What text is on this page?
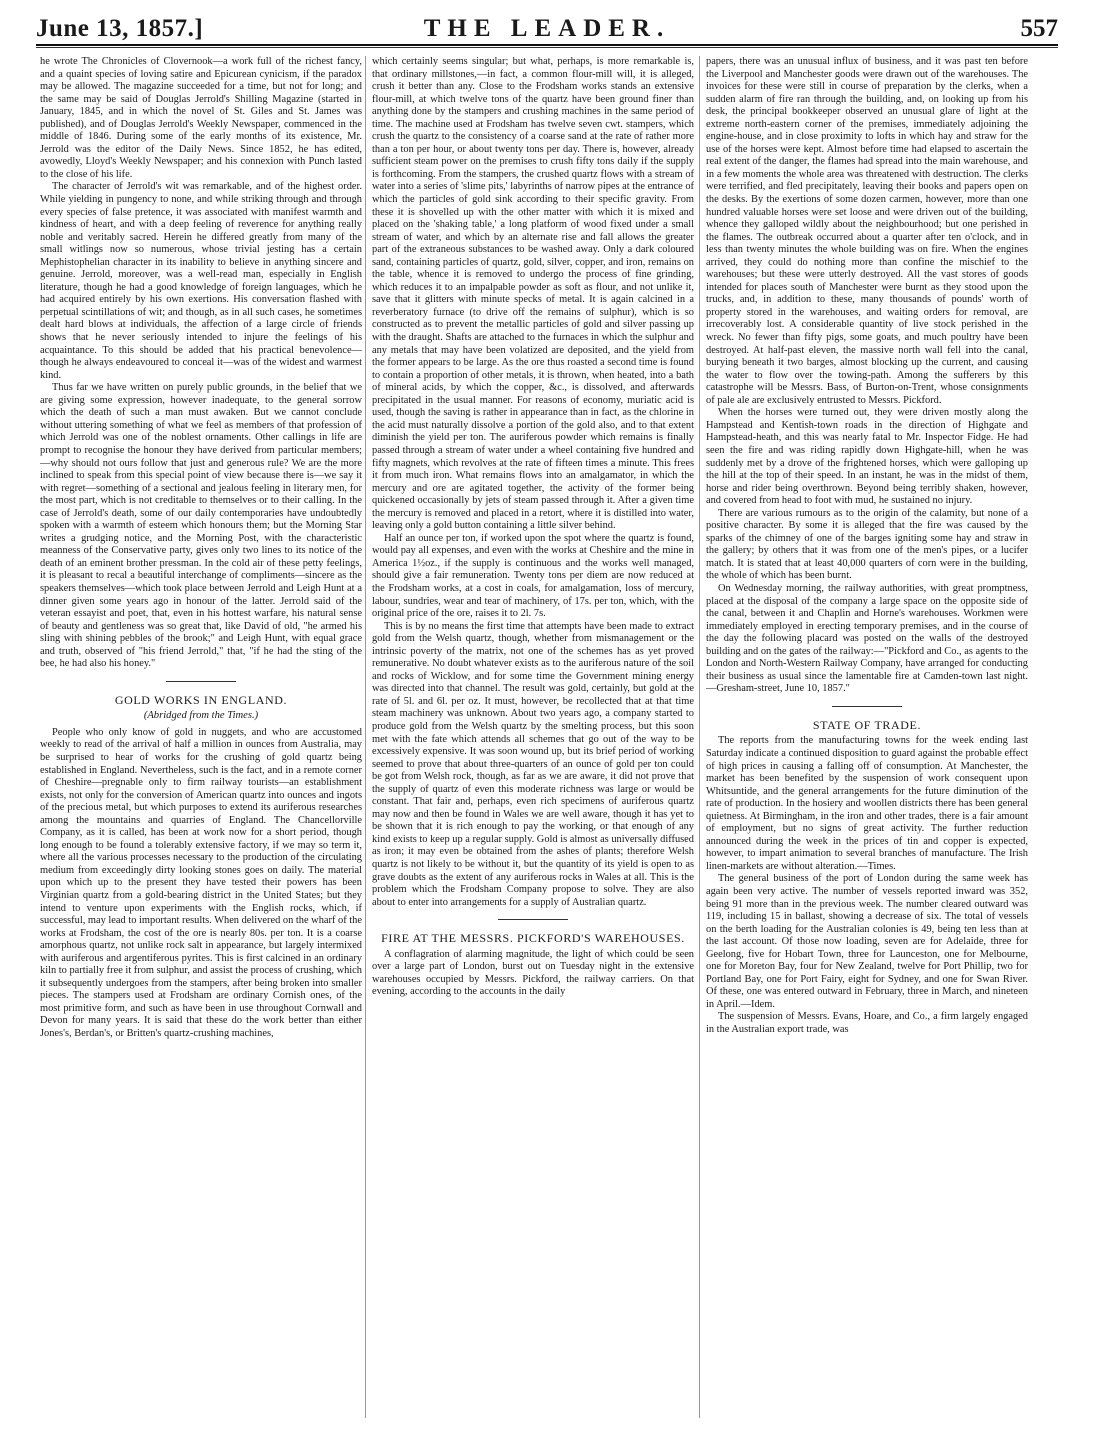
June 13, 1857.]	THE LEADER.	557

he wrote The Chronicles of Clovernook—a work full of the richest fancy, and a quaint species of loving satire and Epicurean cynicism, if the paradox may be allowed. The magazine succeeded for a time, but not for long; and the same may be said of Douglas Jerrold's Shilling Magazine (started in January, 1845, and in which the novel of St. Giles and St. James was published), and of Douglas Jerrold's Weekly Newspaper, commenced in the middle of 1846. During some of the early months of its existence, Mr. Jerrold was the editor of the Daily News. Since 1852, he has edited, avowedly, Lloyd's Weekly Newspaper; and his connexion with Punch lasted to the close of his life.

The character of Jerrold's wit was remarkable, and of the highest order. While yielding in pungency to none, and while striking through and through every species of false pretence, it was associated with manifest warmth and kindness of heart, and with a deep feeling of reverence for anything really noble and veritably sacred. Herein he differed greatly from many of the small witlings now so numerous, whose trivial jesting has a certain Mephistophelian character in its inability to believe in anything sincere and genuine. Jerrold, moreover, was a well-read man, especially in English literature, though he had a good knowledge of foreign languages, which he had acquired entirely by his own exertions. His conversation flashed with perpetual scintillations of wit; and though, as in all such cases, he sometimes dealt hard blows at individuals, the affection of a large circle of friends shows that he never seriously intended to injure the feelings of his acquaintance. To this should be added that his practical benevolence—though he always endeavoured to conceal it—was of the widest and warmest kind.

Thus far we have written on purely public grounds, in the belief that we are giving some expression, however inadequate, to the general sorrow which the death of such a man must awaken. But we cannot conclude without uttering something of what we feel as members of that profession of which Jerrold was one of the noblest ornaments. Other callings in life are prompt to recognise the honour they have derived from particular members;—why should not ours follow that just and generous rule? We are the more inclined to speak from this special point of view because there is—we say it with regret—something of a sectional and jealous feeling in literary men, for the most part, which is not creditable to themselves or to their calling. In the case of Jerrold's death, some of our daily contemporaries have undoubtedly spoken with a warmth of esteem which honours them; but the Morning Star writes a grudging notice, and the Morning Post, with the characteristic meanness of the Conservative party, gives only two lines to its notice of the death of an eminent brother pressman. In the cold air of these petty feelings, it is pleasant to recal a beautiful interchange of compliments—sincere as the speakers themselves—which took place between Jerrold and Leigh Hunt at a dinner given some years ago in honour of the latter. Jerrold said of the veteran essayist and poet, that, even in his hottest warfare, his natural sense of beauty and gentleness was so great that, like David of old, "he armed his sling with shining pebbles of the brook;" and Leigh Hunt, with equal grace and truth, observed of "his friend Jerrold," that, "if he had the sting of the bee, he had also his honey."

GOLD WORKS IN ENGLAND.

(Abridged from the Times.)

People who only know of gold in nuggets, and who are accustomed weekly to read of the arrival of half a million in ounces from Australia, may be surprised to hear of works for the crushing of gold quartz being established in England. Nevertheless, such is the fact, and in a remote corner of Cheshire—pregnable only to firm railway tourists—an establishment exists, not only for the conversion of American quartz into ounces and ingots of the precious metal, but which purposes to extend its auriferous researches among the mountains and quarries of England. The Chancellorville Company, as it is called, has been at work now for a short period, though long enough to be found a tolerably extensive factory, if we may so term it, where all the various processes necessary to the production of the circulating medium from exceedingly dirty looking stones goes on daily. The material upon which up to the present they have tested their powers has been Virginian quartz from a gold-bearing district in the United States; but they intend to venture upon experiments with the English rocks, which, if successful, may lead to important results. When delivered on the wharf of the works at Frodsham, the cost of the ore is nearly 80s. per ton. It is a coarse amorphous quartz, not unlike rock salt in appearance, but largely intermixed with auriferous and argentiferous pyrites. This is first calcined in an ordinary kiln to partially free it from sulphur, and assist the process of crushing, which it subsequently undergoes from the stampers, after being broken into smaller pieces. The stampers used at Frodsham are ordinary Cornish ones, of the most primitive form, and such as have been in use throughout Cornwall and Devon for many years. It is said that these do the work better than either Jones's, Berdan's, or Britten's quartz-crushing machines,

which certainly seems singular; but what, perhaps, is more remarkable is, that ordinary millstones,—in fact, a common flour-mill will, it is alleged, crush it better than any. Close to the Frodsham works stands an extensive flour-mill, at which twelve tons of the quartz have been ground finer than anything done by the stampers and crushing machines in the same period of time. The machine used at Frodsham has twelve seven cwt. stampers, which crush the quartz to the consistency of a coarse sand at the rate of rather more than a ton per hour, or about twenty tons per day. There is, however, already sufficient steam power on the premises to crush fifty tons daily if the supply is forthcoming. From the stampers, the crushed quartz flows with a stream of water into a series of 'slime pits,' labyrinths of narrow pipes at the entrance of which the particles of gold sink according to their specific gravity. From these it is shovelled up with the other matter with which it is mixed and placed on the 'shaking table,' a long platform of wood fixed under a small stream of water, and which by an alternate rise and fall allows the greater part of the extraneous substances to be washed away. Only a dark coloured sand, containing particles of quartz, gold, silver, copper, and iron, remains on the table, whence it is removed to undergo the process of fine grinding, which reduces it to an impalpable powder as soft as flour, and not unlike it, save that it glitters with minute specks of metal. It is again calcined in a reverberatory furnace (to drive off the remains of sulphur), which is so constructed as to prevent the metallic particles of gold and silver passing up with the draught. Shafts are attached to the furnaces in which the sulphur and any metals that may have been volatized are deposited, and the yield from the former appears to be large. As the ore thus roasted a second time is found to contain a proportion of other metals, it is thrown, when heated, into a bath of mineral acids, by which the copper, &c., is dissolved, and afterwards precipitated in the usual manner. For reasons of economy, muriatic acid is used, though the saving is rather in appearance than in fact, as the chlorine in the acid must naturally dissolve a portion of the gold also, and to that extent diminish the yield per ton. The auriferous powder which remains is finally passed through a stream of water under a wheel containing five hundred and fifty magnets, which revolves at the rate of fifteen times a minute. This frees it from much iron. What remains flows into an amalgamator, in which the mercury and ore are agitated together, the activity of the former being quickened occasionally by jets of steam passed through it. After a given time the mercury is removed and placed in a retort, where it is distilled into water, leaving only a gold button containing a little silver behind.

Half an ounce per ton, if worked upon the spot where the quartz is found, would pay all expenses, and even with the works at Cheshire and the mine in America 1½oz., if the supply is continuous and the works well managed, should give a fair remuneration. Twenty tons per diem are now reduced at the Frodsham works, at a cost in coals, for amalgamation, loss of mercury, labour, sundries, wear and tear of machinery, of 17s. per ton, which, with the original price of the ore, raises it to 2l. 7s.

This is by no means the first time that attempts have been made to extract gold from the Welsh quartz, though, whether from mismanagement or the intrinsic poverty of the matrix, not one of the schemes has as yet proved remunerative. No doubt whatever exists as to the auriferous nature of the soil and rocks of Wicklow, and for some time the Government mining energy was directed into that channel. The result was gold, certainly, but gold at the rate of 5l. and 6l. per oz. It must, however, be recollected that at that time steam machinery was unknown. About two years ago, a company started to produce gold from the Welsh quartz by the smelting process, but this soon met with the fate which attends all schemes that go out of the way to be excessively expensive. It was soon wound up, but its brief period of working seemed to prove that about three-quarters of an ounce of gold per ton could be got from Welsh rock, though, as far as we are aware, it did not prove that the supply of quartz of even this moderate richness was large or would be constant. That fair and, perhaps, even rich specimens of auriferous quartz may now and then be found in Wales we are well aware, though it has yet to be shown that it is rich enough to pay the working, or that enough of any kind exists to keep up a regular supply. Gold is almost as universally diffused as iron; it may even be obtained from the ashes of plants; therefore Welsh quartz is not likely to be without it, but the quantity of its yield is open to as grave doubts as the extent of any auriferous rocks in Wales at all. This is the problem which the Frodsham Company propose to solve. They are also about to enter into arrangements for a supply of Australian quartz.

FIRE AT THE MESSRS. PICKFORD'S WAREHOUSES.

A conflagration of alarming magnitude, the light of which could be seen over a large part of London, burst out on Tuesday night in the extensive warehouses occupied by Messrs. Pickford, the railway carriers. On that evening, according to the accounts in the daily

papers, there was an unusual influx of business, and it was past ten before the Liverpool and Manchester goods were drawn out of the warehouses. The invoices for these were still in course of preparation by the clerks, when a sudden alarm of fire ran through the building, and, on looking up from his desk, the principal bookkeeper observed an unusual glare of light at the extreme north-eastern corner of the premises, immediately adjoining the engine-house, and in close proximity to lofts in which hay and straw for the use of the horses were kept. Almost before time had elapsed to ascertain the real extent of the danger, the flames had spread into the main warehouse, and in a few moments the whole area was threatened with destruction. The clerks were terrified, and fled precipitately, leaving their books and papers open on the desks. By the exertions of some dozen carmen, however, more than one hundred valuable horses were set loose and were driven out of the building, whence they galloped wildly about the neighbourhood; but one perished in the flames. The outbreak occurred about a quarter after ten o'clock, and in less than twenty minutes the whole building was on fire. When the engines arrived, they could do nothing more than confine the mischief to the warehouses; but these were utterly destroyed. All the vast stores of goods intended for places south of Manchester were burnt as they stood upon the trucks, and, in addition to these, many thousands of pounds' worth of property stored in the warehouses, and waiting orders for removal, are irrecoverably lost. A considerable quantity of live stock perished in the wreck. No fewer than fifty pigs, some goats, and much poultry have been destroyed. At half-past eleven, the massive north wall fell into the canal, burying beneath it two barges, almost blocking up the current, and causing the water to flow over the towing-path. Among the sufferers by this catastrophe will be Messrs. Bass, of Burton-on-Trent, whose consignments of pale ale are exclusively entrusted to Messrs. Pickford.

When the horses were turned out, they were driven mostly along the Hampstead and Kentish-town roads in the direction of Highgate and Hampstead-heath, and this was nearly fatal to Mr. Inspector Fidge. He had seen the fire and was riding rapidly down Highgate-hill, when he was suddenly met by a drove of the frightened horses, which were galloping up the hill at the top of their speed. In an instant, he was in the midst of them, horse and rider being overthrown. Beyond being terribly shaken, however, and covered from head to foot with mud, he sustained no injury.

There are various rumours as to the origin of the calamity, but none of a positive character. By some it is alleged that the fire was caused by the sparks of the chimney of one of the barges igniting some hay and straw in the gallery; by others that it was from one of the men's pipes, or a lucifer match. It is stated that at least 40,000 quarters of corn were in the building, the whole of which has been burnt.

On Wednesday morning, the railway authorities, with great promptness, placed at the disposal of the company a large space on the opposite side of the canal, between it and Chaplin and Horne's warehouses. Workmen were immediately employed in erecting temporary premises, and in the course of the day the following placard was posted on the walls of the destroyed building and on the gates of the railway:—"Pickford and Co., as agents to the London and North-Western Railway Company, have arranged for conducting their business as usual since the lamentable fire at Camden-town last night.—Gresham-street, June 10, 1857."

STATE OF TRADE.

The reports from the manufacturing towns for the week ending last Saturday indicate a continued disposition to guard against the probable effect of high prices in causing a falling off of consumption. At Manchester, the market has been benefited by the suspension of work consequent upon Whitsuntide, and the general arrangements for the future diminution of the rate of production. In the hosiery and woollen districts there has been general quietness. At Birmingham, in the iron and other trades, there is a fair amount of employment, but no signs of great activity. The further reduction announced during the week in the prices of tin and copper is expected, however, to impart animation to several branches of manufacture. The Irish linen-markets are without alteration.—Times.

The general business of the port of London during the same week has again been very active. The number of vessels reported inward was 352, being 91 more than in the previous week. The number cleared outward was 119, including 15 in ballast, showing a decrease of six. The total of vessels on the berth loading for the Australian colonies is 49, being ten less than at the last account. Of those now loading, seven are for Adelaide, three for Geelong, five for Hobart Town, three for Launceston, one for Melbourne, one for Moreton Bay, four for New Zealand, twelve for Port Phillip, two for Portland Bay, one for Port Fairy, eight for Sydney, and one for Swan River. Of these, one was entered outward in February, three in March, and nineteen in April.—Idem.

The suspension of Messrs. Evans, Hoare, and Co., a firm largely engaged in the Australian export trade, was
